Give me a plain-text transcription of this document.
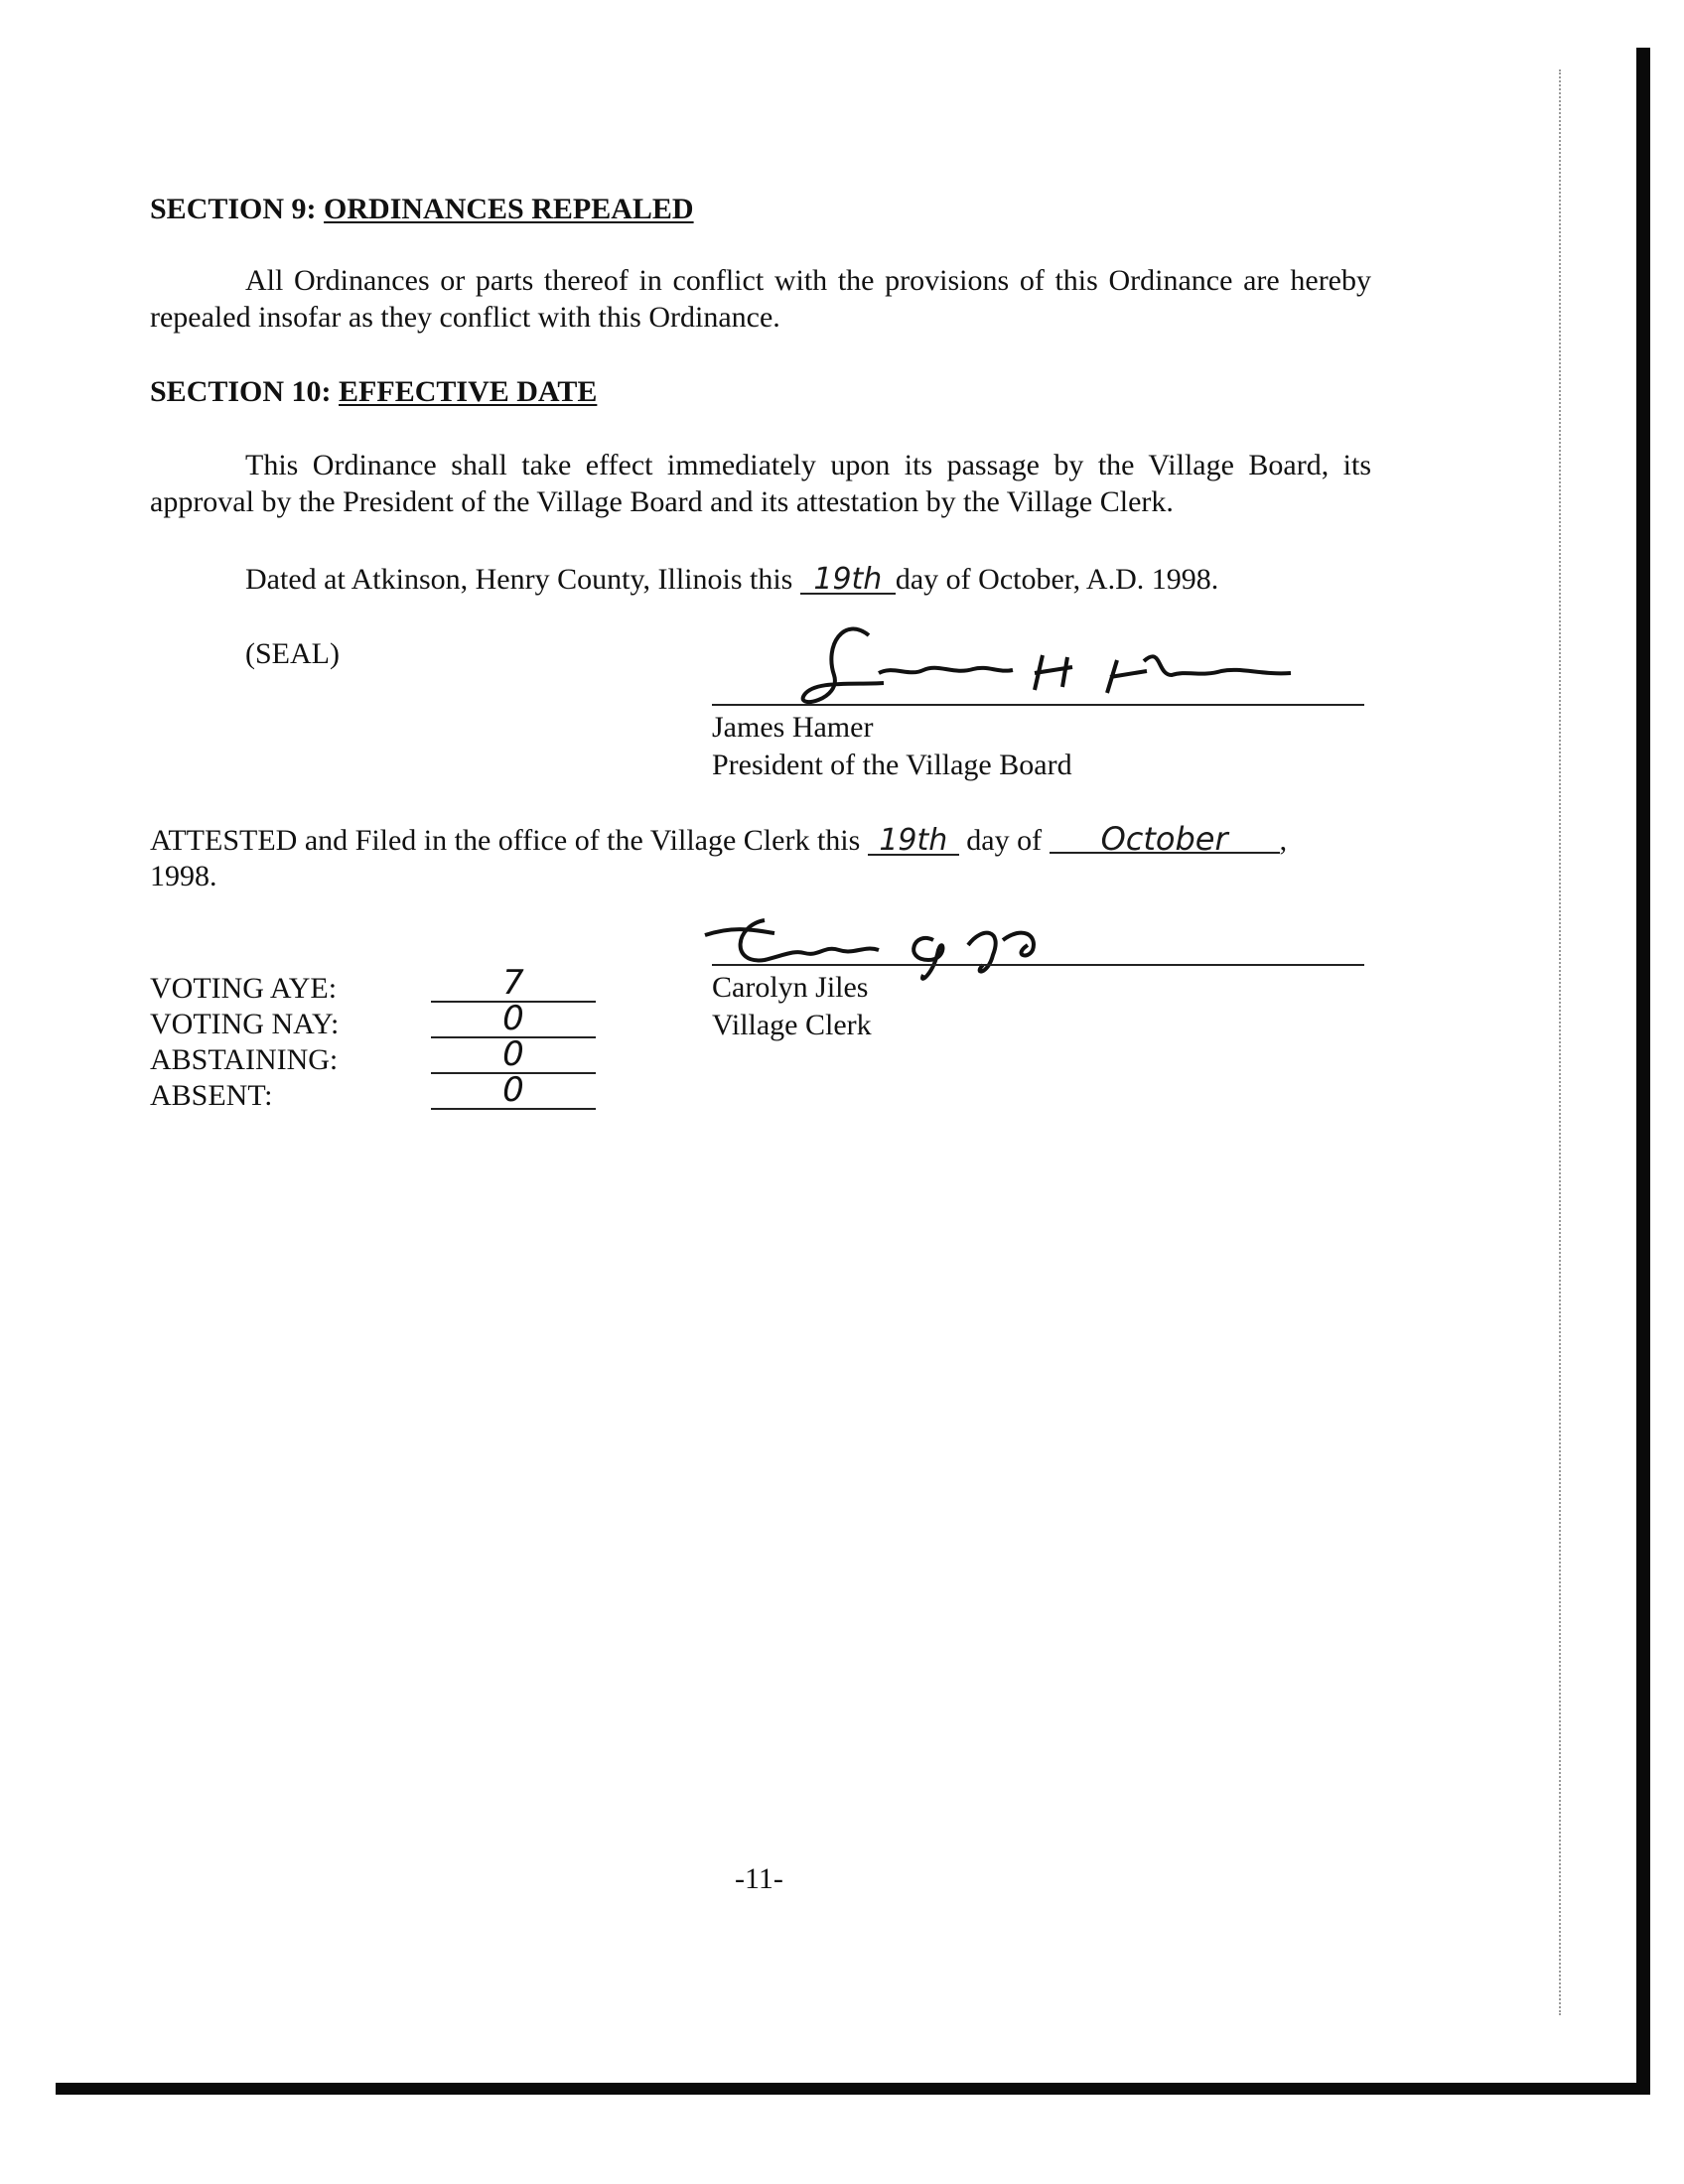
SECTION 9: ORDINANCES REPEALED
All Ordinances or parts thereof in conflict with the provisions of this Ordinance are hereby repealed insofar as they conflict with this Ordinance.
SECTION 10: EFFECTIVE DATE
This Ordinance shall take effect immediately upon its passage by the Village Board, its approval by the President of the Village Board and its attestation by the Village Clerk.
Dated at Atkinson, Henry County, Illinois this 19th day of October, A.D. 1998.
(SEAL)
James Hamer
President of the Village Board
ATTESTED and Filed in the office of the Village Clerk this 19th day of October ,
1998.
Carolyn Jiles
Village Clerk
VOTING AYE:	7
VOTING NAY:	0
ABSTAINING:	0
ABSENT:	0
-11-
